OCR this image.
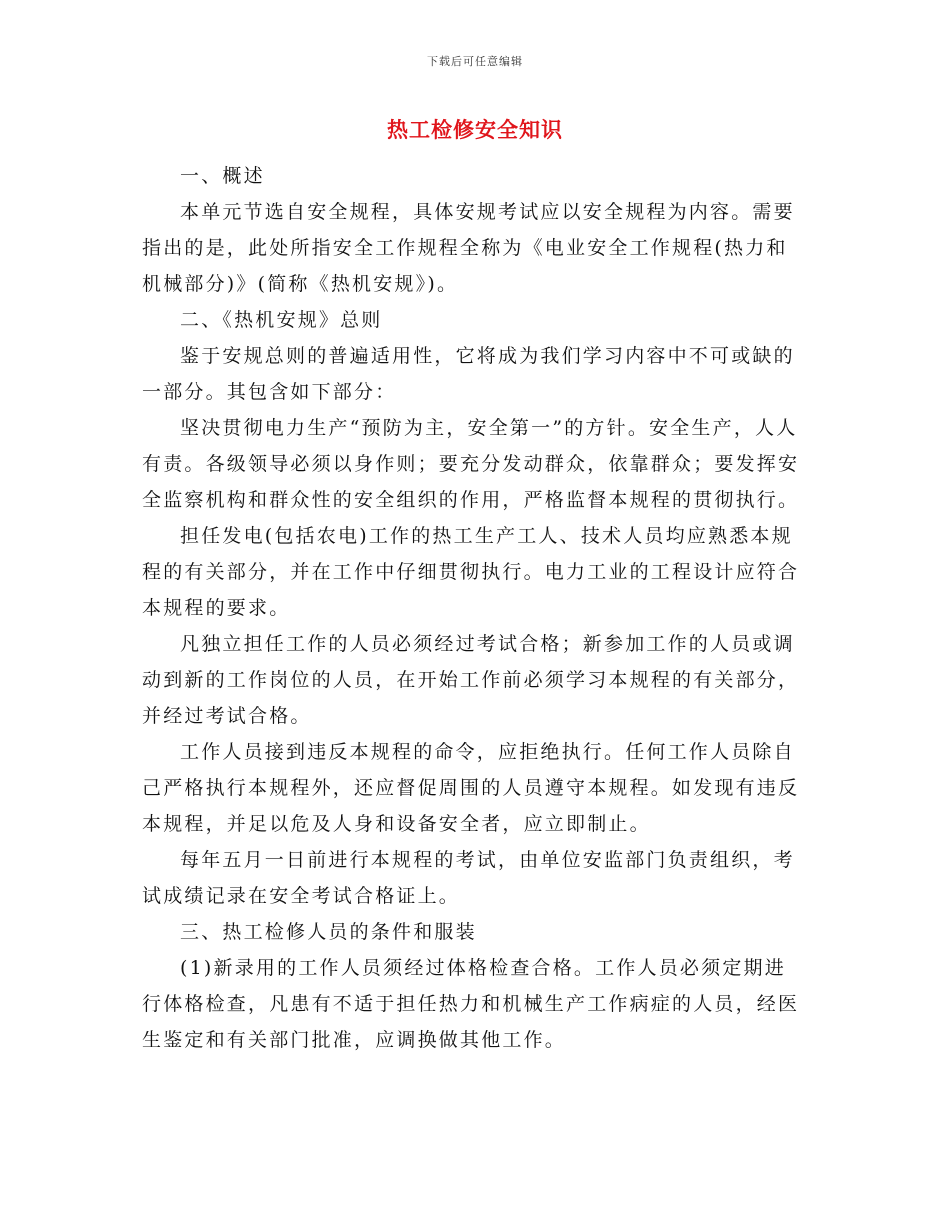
下载后可任意编辑
热工检修安全知识

一、概述

本单元节选自安全规程，具体安规考试应以安全规程为内容。需要指出的是，此处所指安全工作规程全称为《电业安全工作规程(热力和机械部分)》(简称《热机安规》)。

二、《热机安规》总则

鉴于安规总则的普遍适用性，它将成为我们学习内容中不可或缺的一部分。其包含如下部分：

坚决贯彻电力生产“预防为主，安全第一”的方针。安全生产，人人有责。各级领导必须以身作则；要充分发动群众，依靠群众；要发挥安全监察机构和群众性的安全组织的作用，严格监督本规程的贯彻执行。

担任发电(包括农电)工作的热工生产工人、技术人员均应熟悉本规程的有关部分，并在工作中仔细贯彻执行。电力工业的工程设计应符合本规程的要求。

凡独立担任工作的人员必须经过考试合格；新参加工作的人员或调动到新的工作岗位的人员，在开始工作前必须学习本规程的有关部分，并经过考试合格。

工作人员接到违反本规程的命令，应拒绝执行。任何工作人员除自己严格执行本规程外，还应督促周围的人员遵守本规程。如发现有违反本规程，并足以危及人身和设备安全者，应立即制止。

每年五月一日前进行本规程的考试，由单位安监部门负责组织，考试成绩记录在安全考试合格证上。

三、热工检修人员的条件和服装

(1)新录用的工作人员须经过体格检查合格。工作人员必须定期进行体格检查，凡患有不适于担任热力和机械生产工作病症的人员，经医生鉴定和有关部门批准，应调换做其他工作。
